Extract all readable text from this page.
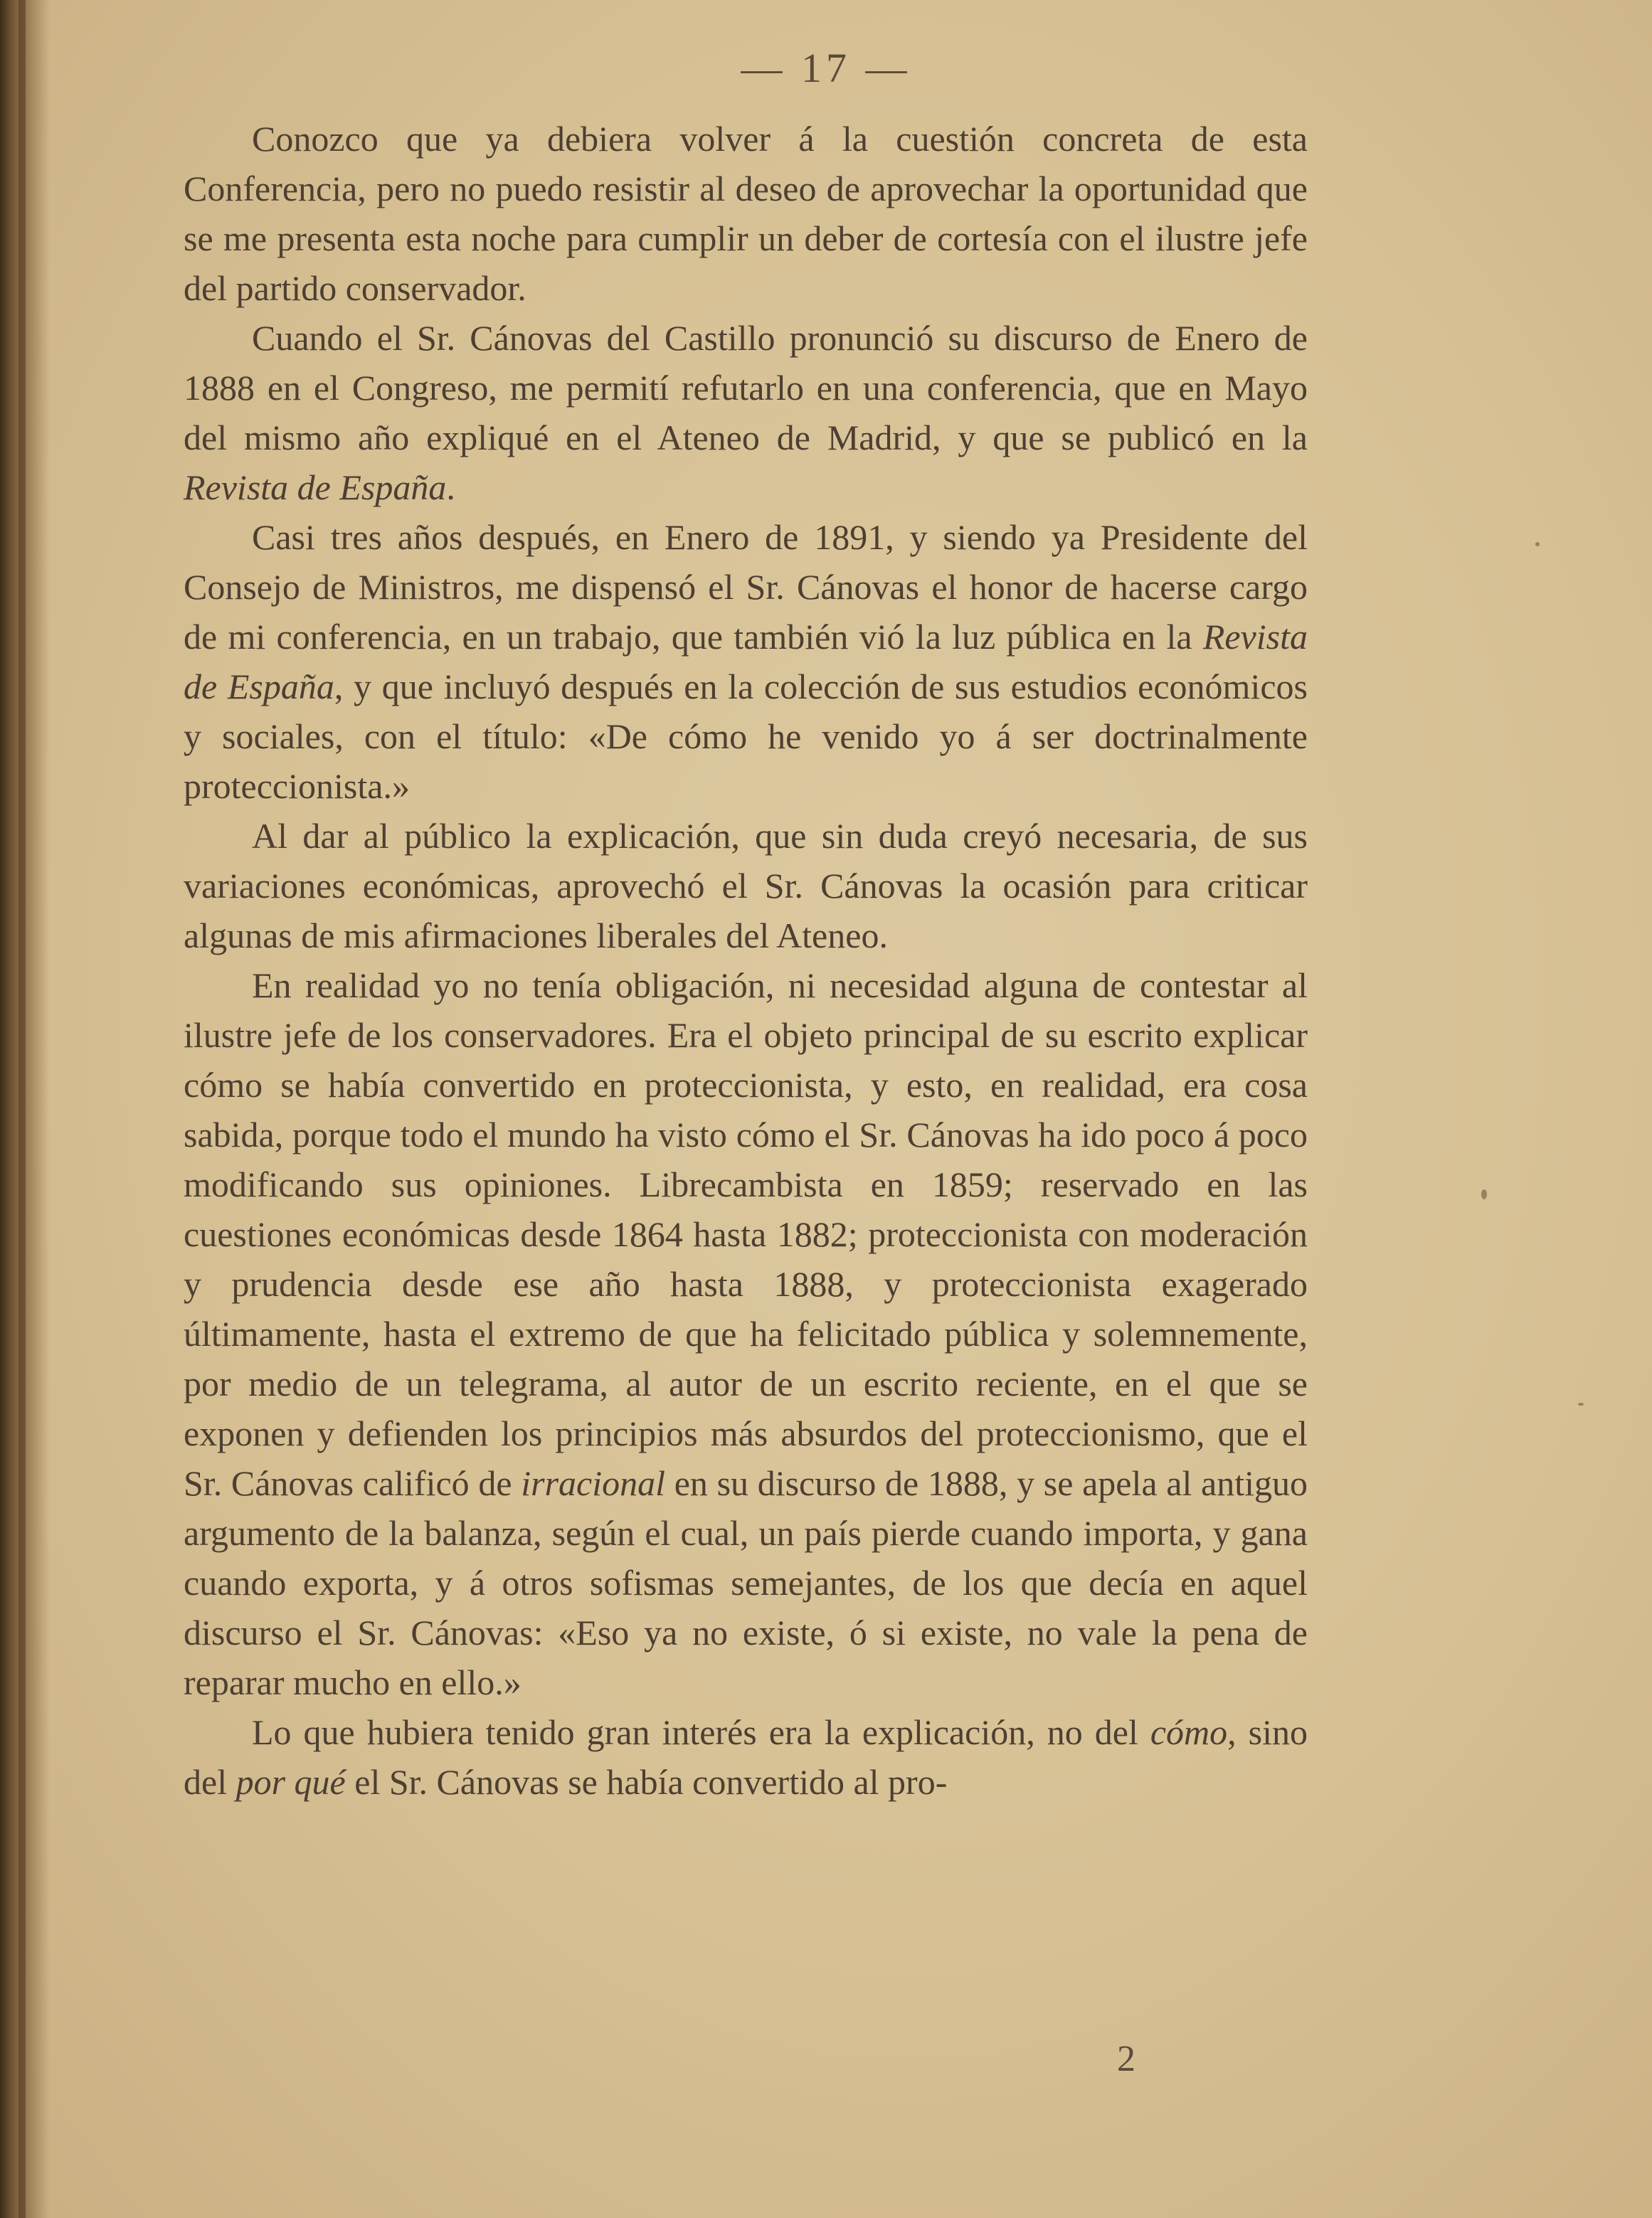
— 17 —

Conozco que ya debiera volver á la cuestión concreta de esta Conferencia, pero no puedo resistir al deseo de aprovechar la oportunidad que se me presenta esta noche para cumplir un deber de cortesía con el ilustre jefe del partido conservador.

Cuando el Sr. Cánovas del Castillo pronunció su discurso de Enero de 1888 en el Congreso, me permití refutarlo en una conferencia, que en Mayo del mismo año expliqué en el Ateneo de Madrid, y que se publicó en la Revista de España.

Casi tres años después, en Enero de 1891, y siendo ya Presidente del Consejo de Ministros, me dispensó el Sr. Cánovas el honor de hacerse cargo de mi conferencia, en un trabajo, que también vió la luz pública en la Revista de España, y que incluyó después en la colección de sus estudios económicos y sociales, con el título: «De cómo he venido yo á ser doctrinalmente proteccionista.»

Al dar al público la explicación, que sin duda creyó necesaria, de sus variaciones económicas, aprovechó el Sr. Cánovas la ocasión para criticar algunas de mis afirmaciones liberales del Ateneo.

En realidad yo no tenía obligación, ni necesidad alguna de contestar al ilustre jefe de los conservadores. Era el objeto principal de su escrito explicar cómo se había convertido en proteccionista, y esto, en realidad, era cosa sabida, porque todo el mundo ha visto cómo el Sr. Cánovas ha ido poco á poco modificando sus opiniones. Librecambista en 1859; reservado en las cuestiones económicas desde 1864 hasta 1882; proteccionista con moderación y prudencia desde ese año hasta 1888, y proteccionista exagerado últimamente, hasta el extremo de que ha felicitado pública y solemnemente, por medio de un telegrama, al autor de un escrito reciente, en el que se exponen y defienden los principios más absurdos del proteccionismo, que el Sr. Cánovas calificó de irracional en su discurso de 1888, y se apela al antiguo argumento de la balanza, según el cual, un país pierde cuando importa, y gana cuando exporta, y á otros sofismas semejantes, de los que decía en aquel discurso el Sr. Cánovas: «Eso ya no existe, ó si existe, no vale la pena de reparar mucho en ello.»

Lo que hubiera tenido gran interés era la explicación, no del cómo, sino del por qué el Sr. Cánovas se había convertido al pro-

2
